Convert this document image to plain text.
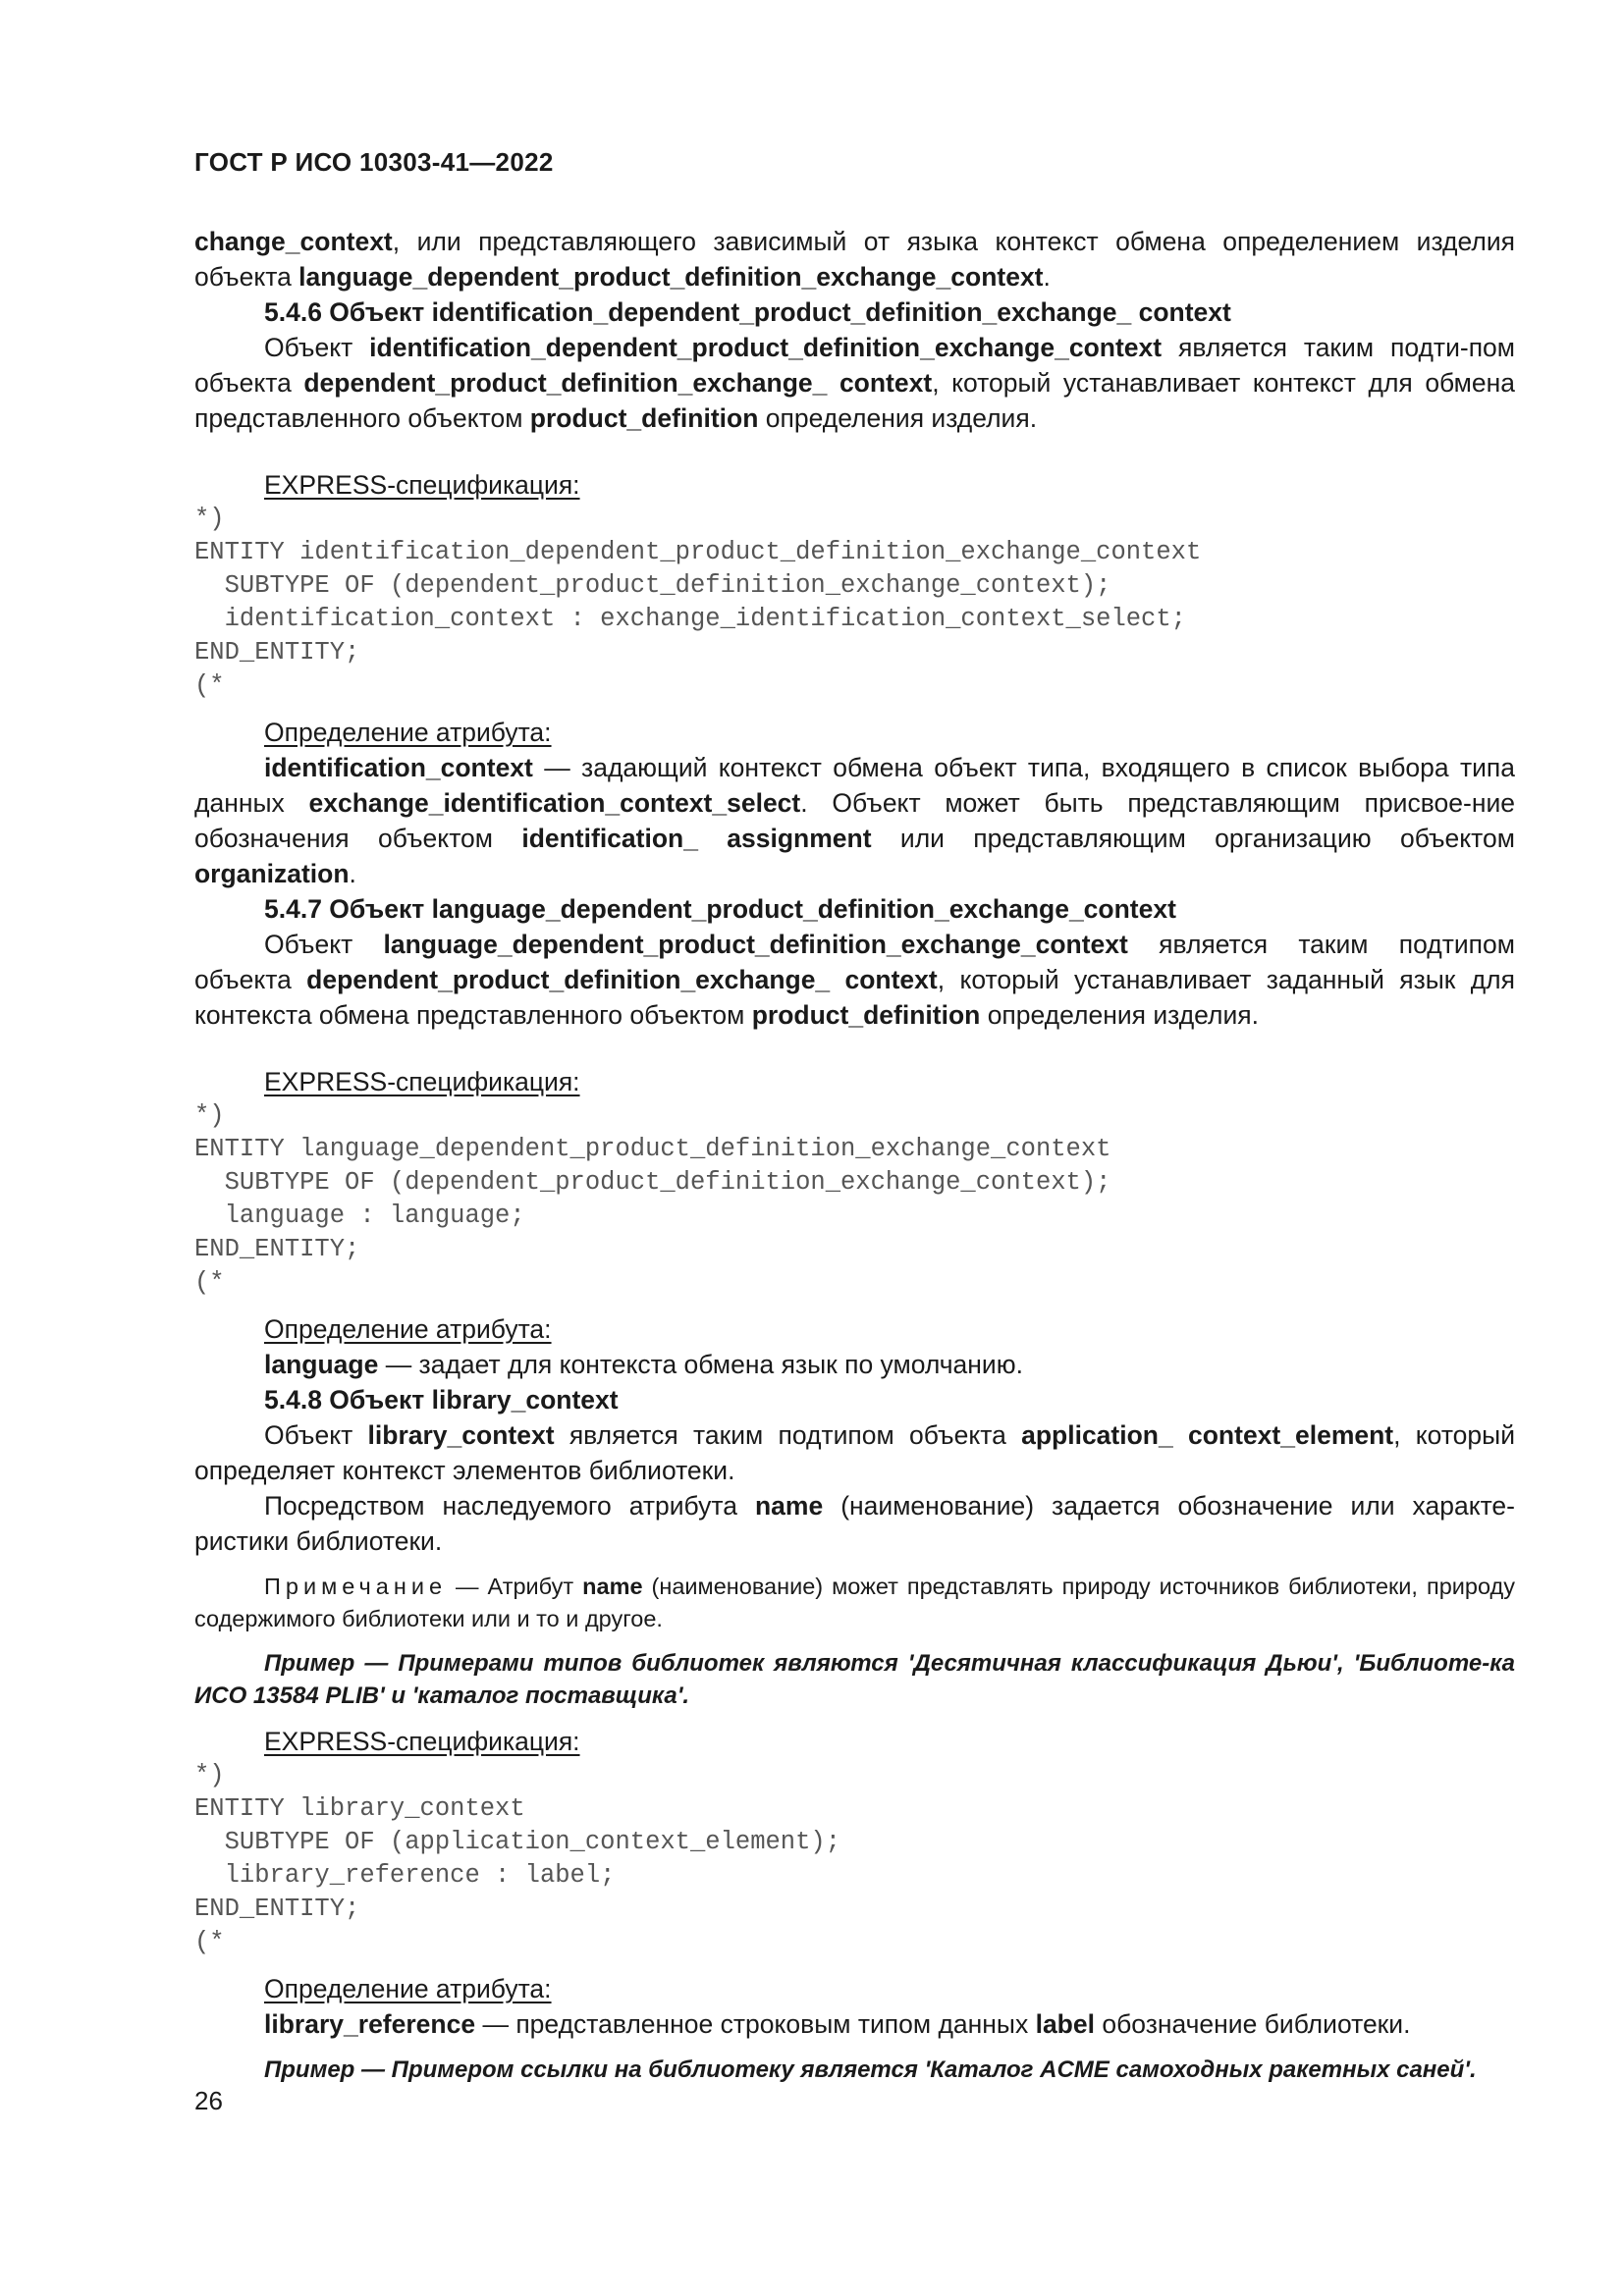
ГОСТ Р ИСО 10303-41—2022

change_context, или представляющего зависимый от языка контекст обмена определением изделия объекта language_dependent_product_definition_exchange_context.

5.4.6 Объект identification_dependent_product_definition_exchange_ context

Объект identification_dependent_product_definition_exchange_context является таким подти-пом объекта dependent_product_definition_exchange_ context, который устанавливает контекст для обмена представленного объектом product_definition определения изделия.

EXPRESS-спецификация:

*)
ENTITY identification_dependent_product_definition_exchange_context
SUBTYPE OF (dependent_product_definition_exchange_context);
identification_context : exchange_identification_context_select;
END_ENTITY;
(*

Определение атрибута:

identification_context — задающий контекст обмена объект типа, входящего в список выбора типа данных exchange_identification_context_select. Объект может быть представляющим присвое-ние обозначения объектом identification_ assignment или представляющим организацию объектом organization.

5.4.7 Объект language_dependent_product_definition_exchange_context

Объект language_dependent_product_definition_exchange_context является таким подтипом объекта dependent_product_definition_exchange_ context, который устанавливает заданный язык для контекста обмена представленного объектом product_definition определения изделия.

EXPRESS-спецификация:

*)
ENTITY language_dependent_product_definition_exchange_context
SUBTYPE OF (dependent_product_definition_exchange_context);
language : language;
END_ENTITY;
(*

Определение атрибута:

language — задает для контекста обмена язык по умолчанию.

5.4.8 Объект library_context

Объект library_context является таким подтипом объекта application_ context_element, который определяет контекст элементов библиотеки.

Посредством наследуемого атрибута name (наименование) задается обозначение или характе-ристики библиотеки.

Примечание — Атрибут name (наименование) может представлять природу источников библиотеки, природу содержимого библиотеки или и то и другое.

Пример — Примерами типов библиотек являются 'Десятичная классификация Дьюи', 'Библиоте-ка ИСО 13584 PLIB' и 'каталог поставщика'.

EXPRESS-спецификация:

*)
ENTITY library_context
SUBTYPE OF (application_context_element);
library_reference : label;
END_ENTITY;
(*

Определение атрибута:

library_reference — представленное строковым типом данных label обозначение библиотеки.

Пример — Примером ссылки на библиотеку является 'Каталог ACME самоходных ракетных саней'.

26
